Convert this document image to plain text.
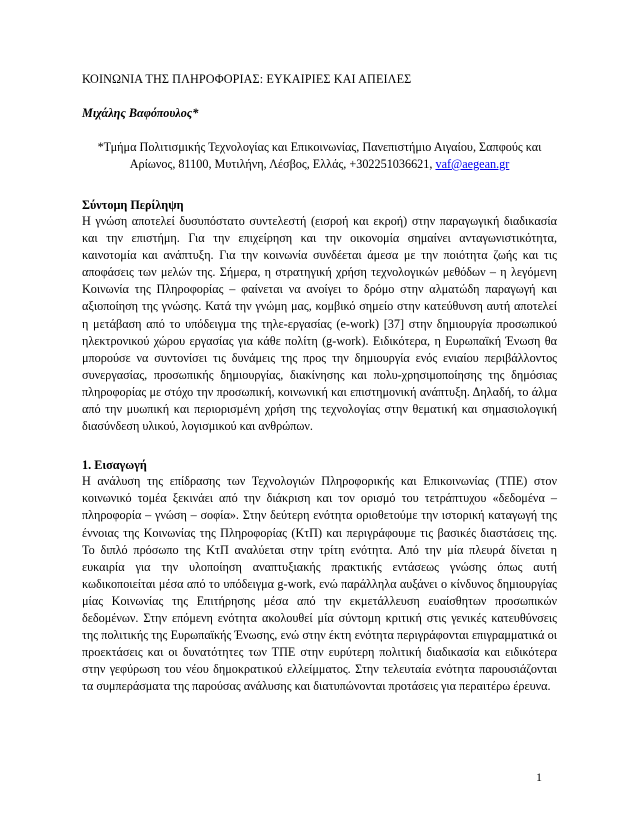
ΚΟΙΝΩΝΙΑ ΤΗΣ ΠΛΗΡΟΦΟΡΙΑΣ: ΕΥΚΑΙΡΙΕΣ ΚΑΙ ΑΠΕΙΛΕΣ

Μιχάλης Βαφόπουλος*

*Τμήμα Πολιτισμικής Τεχνολογίας και Επικοινωνίας, Πανεπιστήμιο Αιγαίου, Σαπφούς και Αρίωνος, 81100, Μυτιλήνη, Λέσβος, Ελλάς, +302251036621, vaf@aegean.gr

Σύντομη Περίληψη

Η γνώση αποτελεί δυσυπόστατο συντελεστή (εισροή και εκροή) στην παραγωγική διαδικασία και την επιστήμη. Για την επιχείρηση και την οικονομία σημαίνει ανταγωνιστικότητα, καινοτομία και ανάπτυξη. Για την κοινωνία συνδέεται άμεσα με την ποιότητα ζωής και τις αποφάσεις των μελών της. Σήμερα, η στρατηγική χρήση τεχνολογικών μεθόδων – η λεγόμενη Κοινωνία της Πληροφορίας – φαίνεται να ανοίγει το δρόμο στην αλματώδη παραγωγή και αξιοποίηση της γνώσης. Κατά την γνώμη μας, κομβικό σημείο στην κατεύθυνση αυτή αποτελεί η μετάβαση από το υπόδειγμα της τηλε-εργασίας (e-work) [37] στην δημιουργία προσωπικού ηλεκτρονικού χώρου εργασίας για κάθε πολίτη (g-work). Ειδικότερα, η Ευρωπαϊκή Ένωση θα μπορούσε να συντονίσει τις δυνάμεις της προς την δημιουργία ενός ενιαίου περιβάλλοντος συνεργασίας, προσωπικής δημιουργίας, διακίνησης και πολυ-χρησιμοποίησης της δημόσιας πληροφορίας με στόχο την προσωπική, κοινωνική και επιστημονική ανάπτυξη. Δηλαδή, το άλμα από την μυωπική και περιορισμένη χρήση της τεχνολογίας στην θεματική και σημασιολογική διασύνδεση υλικού, λογισμικού και ανθρώπων.

1. Εισαγωγή

Η ανάλυση της επίδρασης των Τεχνολογιών Πληροφορικής και Επικοινωνίας (ΤΠΕ) στον κοινωνικό τομέα ξεκινάει από την διάκριση και τον ορισμό του τετράπτυχου «δεδομένα – πληροφορία – γνώση – σοφία». Στην δεύτερη ενότητα οριοθετούμε την ιστορική καταγωγή της έννοιας της Κοινωνίας της Πληροφορίας (ΚτΠ) και περιγράφουμε τις βασικές διαστάσεις της. Το διπλό πρόσωπο της ΚτΠ αναλύεται στην τρίτη ενότητα. Από την μία πλευρά δίνεται η ευκαιρία για την υλοποίηση αναπτυξιακής πρακτικής εντάσεως γνώσης όπως αυτή κωδικοποιείται μέσα από το υπόδειγμα g-work, ενώ παράλληλα αυξάνει ο κίνδυνος δημιουργίας μίας Κοινωνίας της Επιτήρησης μέσα από την εκμετάλλευση ευαίσθητων προσωπικών δεδομένων. Στην επόμενη ενότητα ακολουθεί μία σύντομη κριτική στις γενικές κατευθύνσεις της πολιτικής της Ευρωπαϊκής Ένωσης, ενώ στην έκτη ενότητα περιγράφονται επιγραμματικά οι προεκτάσεις και οι δυνατότητες των ΤΠΕ στην ευρύτερη πολιτική διαδικασία και ειδικότερα στην γεφύρωση του νέου δημοκρατικού ελλείμματος. Στην τελευταία ενότητα παρουσιάζονται τα συμπεράσματα της παρούσας ανάλυσης και διατυπώνονται προτάσεις για περαιτέρω έρευνα.

1
